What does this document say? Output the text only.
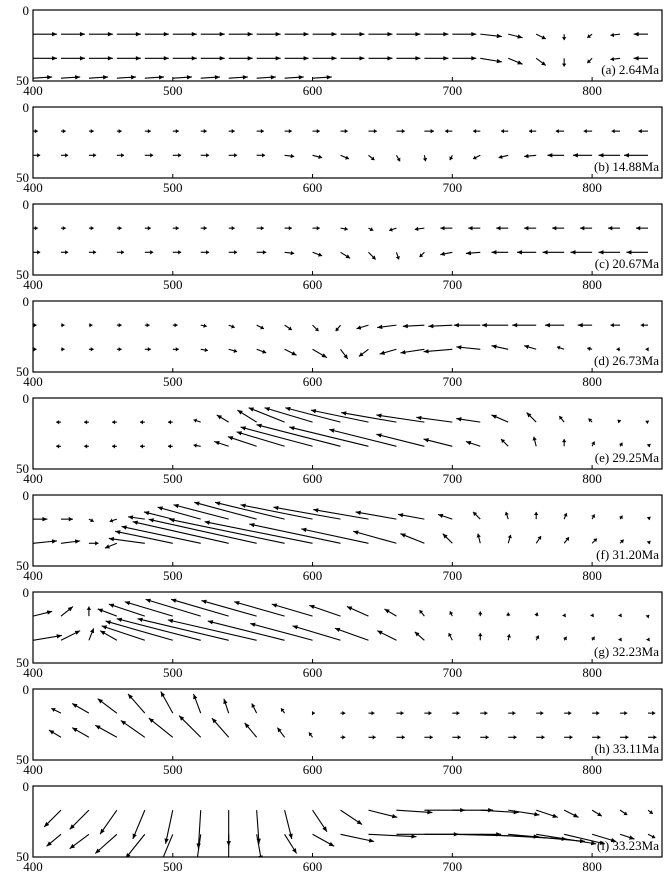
0
50
400	500	600	700	800
(a) 2.64Ma
0
50
400	500	600	700	800
(b) 14.88Ma
0
50
400	500	600	700	800
(c) 20.67Ma
0
50
400	500	600	700	800
(d) 26.73Ma
0
50
400	500	600	700	800
(e) 29.25Ma
0
50
400	500	600	700	800
(f) 31.20Ma
0
50
400	500	600	700	800
(g) 32.23Ma
0
50
400	500	600	700	800
(h) 33.11Ma
0
50
400	500	600	700	800
(i) 33.23Ma
